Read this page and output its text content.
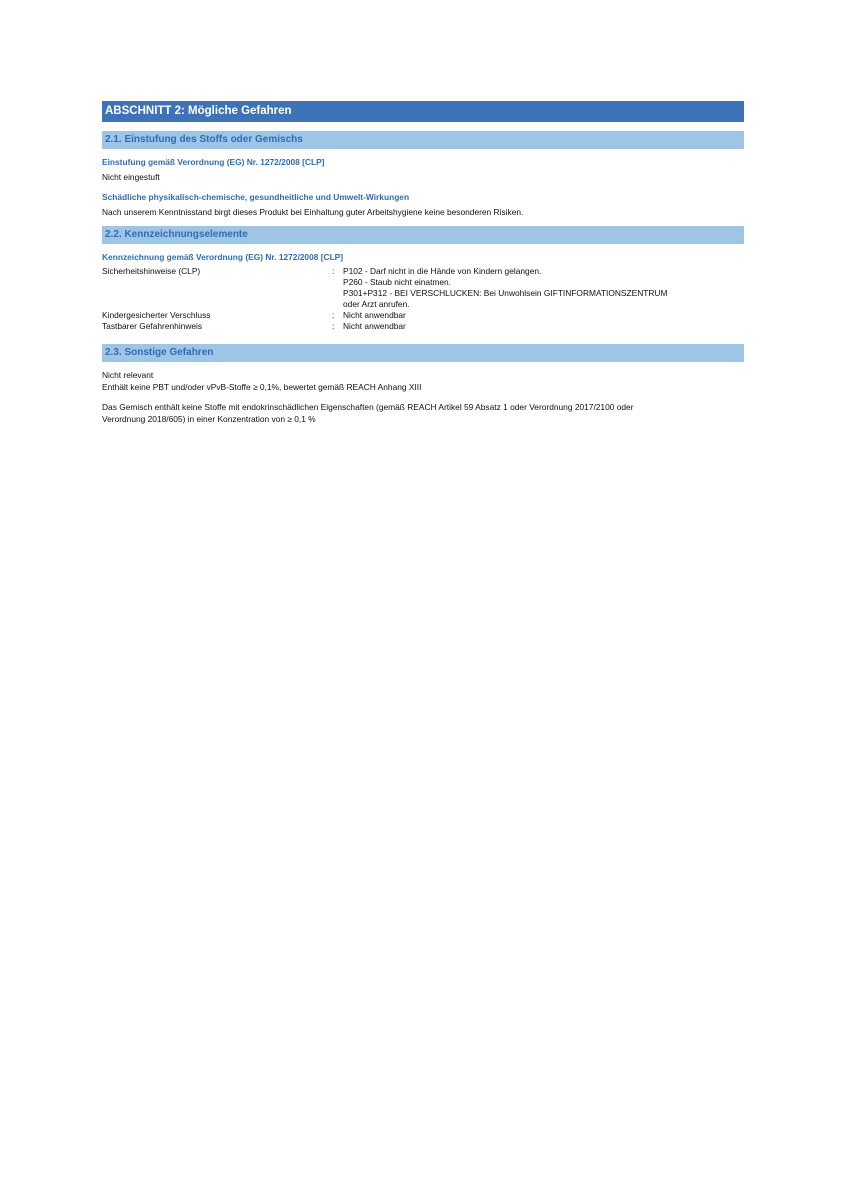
ABSCHNITT 2: Mögliche Gefahren
2.1. Einstufung des Stoffs oder Gemischs
Einstufung gemäß Verordnung (EG) Nr. 1272/2008 [CLP]

Nicht eingestuft

Schädliche physikalisch-chemische, gesundheitliche und Umwelt-Wirkungen

Nach unserem Kenntnisstand birgt dieses Produkt bei Einhaltung guter Arbeitshygiene keine besonderen Risiken.

2.2. Kennzeichnungselemente
Kennzeichnung gemäß Verordnung (EG) Nr. 1272/2008 [CLP]
Sicherheitshinweise (CLP)	:	P102 - Darf nicht in die Hände von Kindern gelangen.
P260 - Staub nicht einatmen.
P301+P312 - BEI VERSCHLUCKEN: Bei Unwohlsein GIFTINFORMATIONSZENTRUM
oder Arzt anrufen.
Kindergesicherter Verschluss	:	Nicht anwendbar
Tastbarer Gefahrenhinweis	:	Nicht anwendbar
2.3. Sonstige Gefahren

Nicht relevant

Enthält keine PBT und/oder vPvB-Stoffe ≥ 0,1%, bewertet gemäß REACH Anhang XIII

Das Gemisch enthält keine Stoffe mit endokrinschädlichen Eigenschaften (gemäß REACH Artikel 59 Absatz 1 oder Verordnung 2017/2100 oder

Verordnung 2018/605) in einer Konzentration von ≥ 0,1 %
